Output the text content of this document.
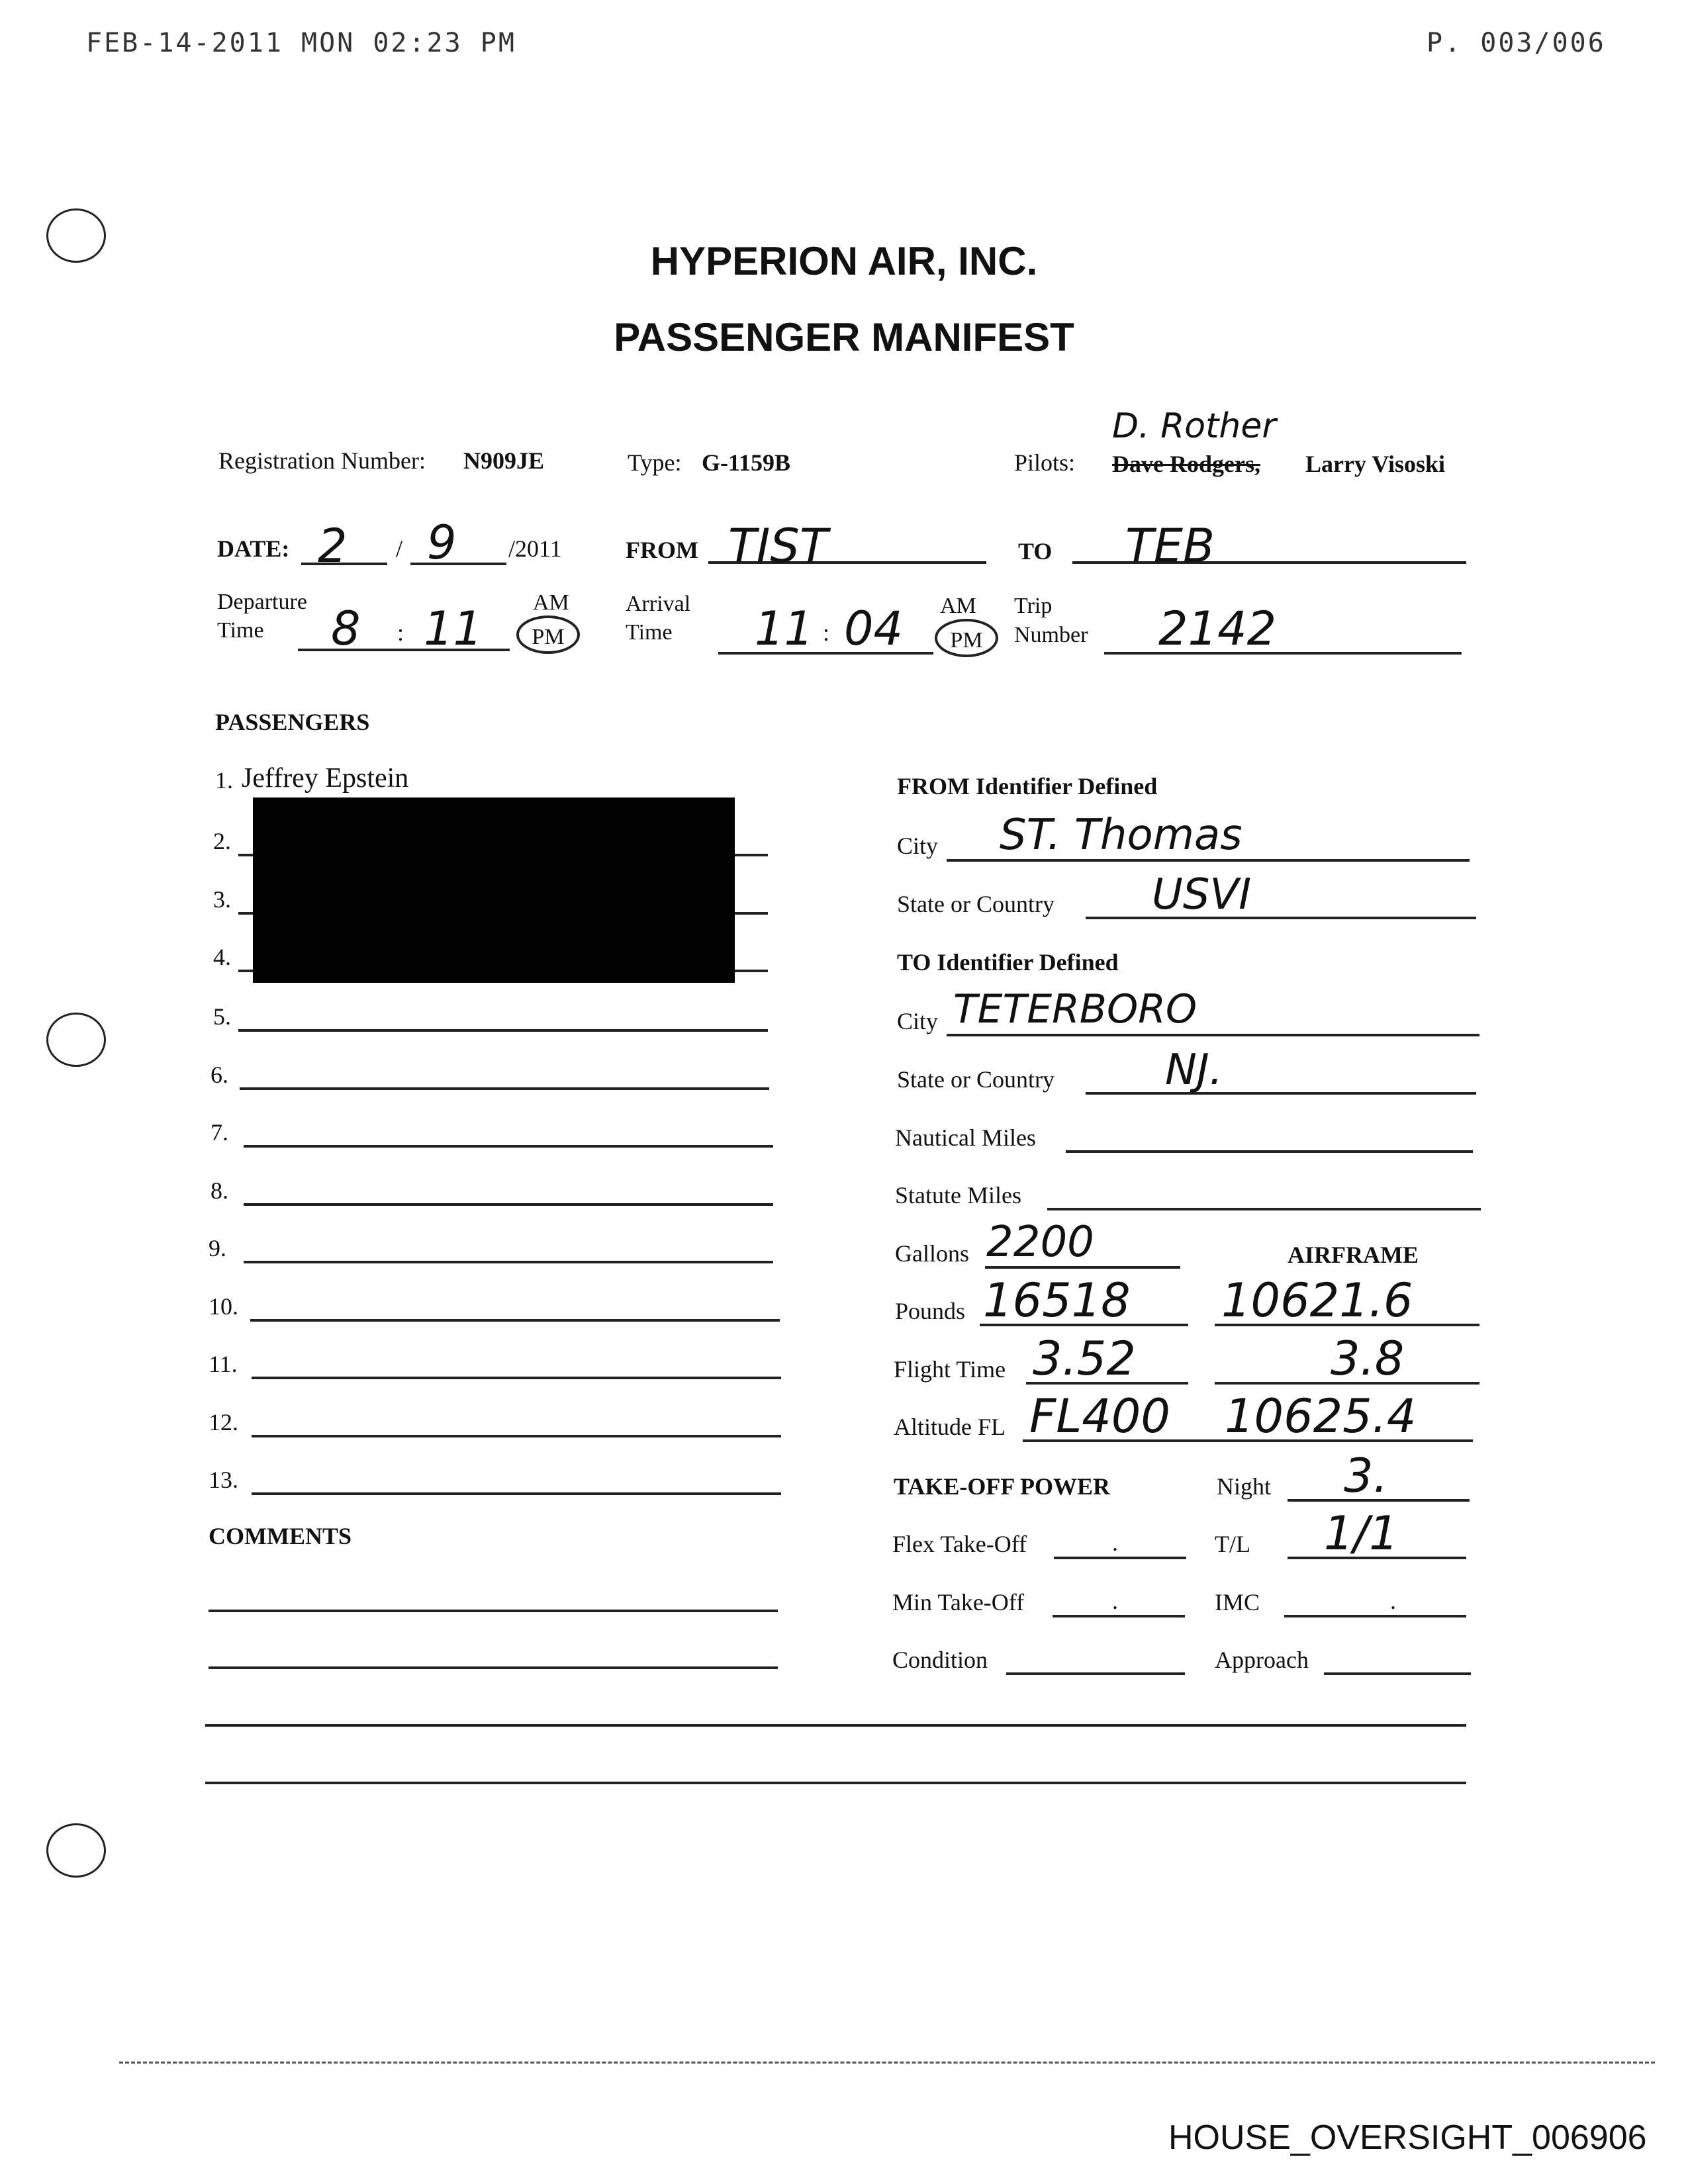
FEB-14-2011 MON 02:23 PM	P. 003/006
HYPERION AIR, INC.
PASSENGER MANIFEST
Registration Number: N909JE	Type: G-1159B	Pilots:
D. Rother
Dave Rodgers, Larry Visoski
DATE: 2 / 9 /2011	FROM TIST	TO TEB
Departure
Time 8 : 11 AM
PM
Arrival
Time 11 : 04 AM
PM
Trip
Number 2142
PASSENGERS
1. Jeffrey Epstein
2.
3.
4.
5.
6.
7.
8.
9.
10.
11.
12.
13.
COMMENTS
FROM Identifier Defined
City ST. Thomas
State or Country USVI
TO Identifier Defined
City TETERBORO
State or Country	NJ.
Nautical Miles
Statute Miles
Gallons 2200	AIRFRAME
Pounds 16518 10621.6
Flight Time 3.52	3.8
Altitude FL FL400 10625.4
TAKE-OFF POWER	Night 3.
Flex Take-Off	.	T/L 1/1
Min Take-Off	.	IMC	.
Condition	Approach
HOUSE_OVERSIGHT_006906
